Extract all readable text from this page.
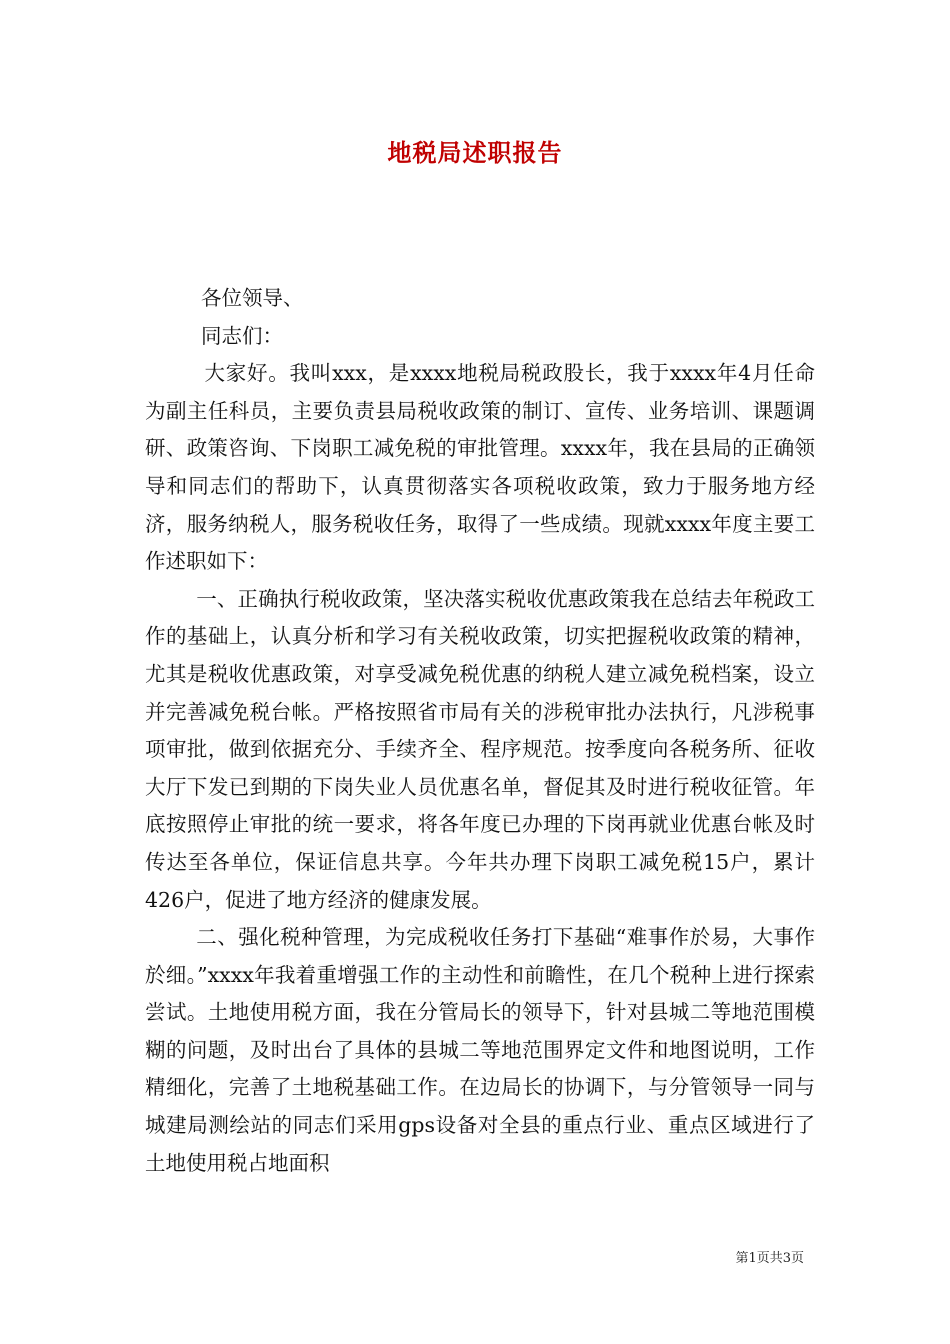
地税局述职报告

各位领导、

同志们：

大家好。我叫xxx，是xxxx地税局税政股长，我于xxxx年4月任命为副主任科员，主要负责县局税收政策的制订、宣传、业务培训、课题调研、政策咨询、下岗职工减免税的审批管理。xxxx年，我在县局的正确领导和同志们的帮助下，认真贯彻落实各项税收政策，致力于服务地方经济，服务纳税人，服务税收任务，取得了一些成绩。现就xxxx年度主要工作述职如下：

一、正确执行税收政策，坚决落实税收优惠政策我在总结去年税政工作的基础上，认真分析和学习有关税收政策，切实把握税收政策的精神，尤其是税收优惠政策，对享受减免税优惠的纳税人建立减免税档案，设立并完善减免税台帐。严格按照省市局有关的涉税审批办法执行，凡涉税事项审批，做到依据充分、手续齐全、程序规范。按季度向各税务所、征收大厅下发已到期的下岗失业人员优惠名单，督促其及时进行税收征管。年底按照停止审批的统一要求，将各年度已办理的下岗再就业优惠台帐及时传达至各单位，保证信息共享。今年共办理下岗职工减免税15户，累计426户，促进了地方经济的健康发展。

二、强化税种管理，为完成税收任务打下基础“难事作於易，大事作於细。”xxxx年我着重增强工作的主动性和前瞻性，在几个税种上进行探索尝试。土地使用税方面，我在分管局长的领导下，针对县城二等地范围模糊的问题，及时出台了具体的县城二等地范围界定文件和地图说明，工作精细化，完善了土地税基础工作。在边局长的协调下，与分管领导一同与城建局测绘站的同志们采用gps设备对全县的重点行业、重点区域进行了土地使用税占地面积

第1页共3页
